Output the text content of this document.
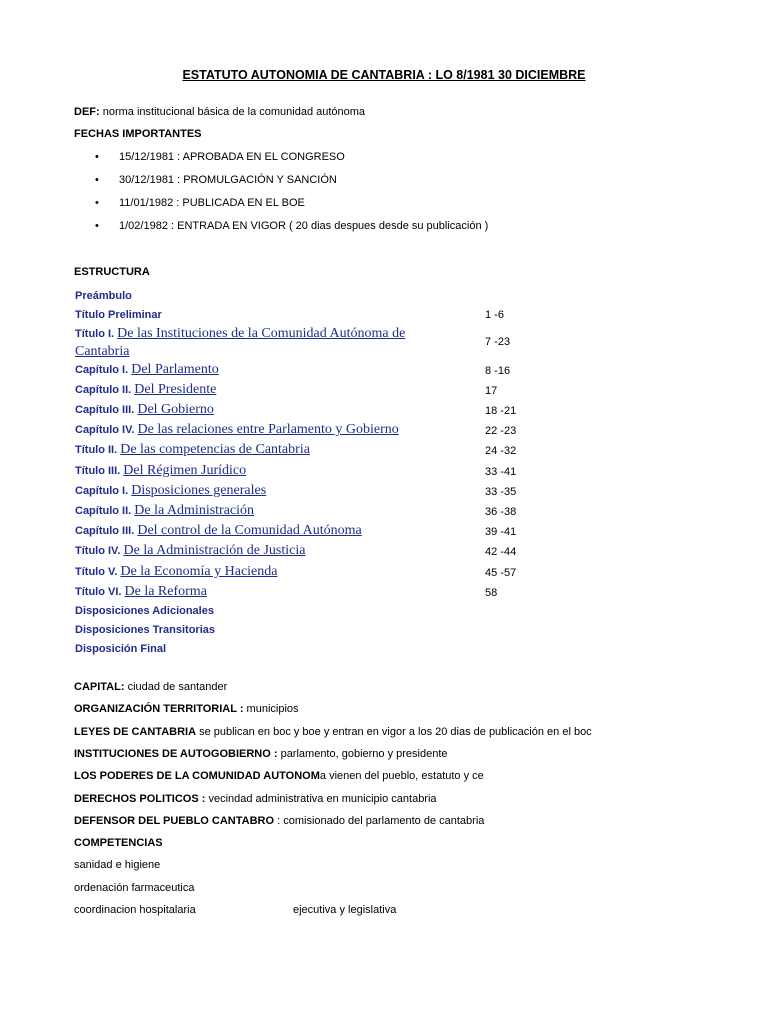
ESTATUTO AUTONOMIA DE CANTABRIA : LO 8/1981 30 DICIEMBRE
DEF: norma institucional básica de la comunidad autónoma
FECHAS IMPORTANTES
• 15/12/1981 : APROBADA EN EL CONGRESO
• 30/12/1981 : PROMULGACIÓN Y SANCIÓN
• 11/01/1982 : PUBLICADA EN EL BOE
• 1/02/1982 : ENTRADA EN VIGOR ( 20 dias despues desde su publicación )
ESTRUCTURA
Preámbulo
Título Preliminar	1 -6
Título I. De las Instituciones de la Comunidad Autónoma de
Cantabria
7 -23
Capítulo I. Del Parlamento	8 -16
Capítulo II. Del Presidente	17
Capítulo III. Del Gobierno	18 -21
Capítulo IV. De las relaciones entre Parlamento y Gobierno	22 -23
Título II. De las competencias de Cantabria	24 -32
Título III. Del Régimen Jurídico	33 -41
Capítulo I. Disposiciones generales	33 -35
Capítulo II. De la Administración	36 -38
Capítulo III. Del control de la Comunidad Autónoma	39 -41
Título IV. De la Administración de Justicia	42 -44
Título V. De la Economía y Hacienda	45 -57
Título VI. De la Reforma	58
Disposiciones Adicionales
Disposiciones Transitorias
Disposición Final
CAPITAL: ciudad de santander
ORGANIZACIÓN TERRITORIAL : municipios
LEYES DE CANTABRIA se publican en boc y boe y entran en vigor a los 20 dias de publicación en el boc
INSTITUCIONES DE AUTOGOBIERNO : parlamento, gobierno y presidente
LOS PODERES DE LA COMUNIDAD AUTONOMa vienen del pueblo, estatuto y ce
DERECHOS POLITICOS : vecindad administrativa en municipio cantabria
DEFENSOR DEL PUEBLO CANTABRO : comisionado del parlamento de cantabria
COMPETENCIAS
sanidad e higiene
ordenación farmaceutica
coordinacion hospitalaria	ejecutiva y legislativa
